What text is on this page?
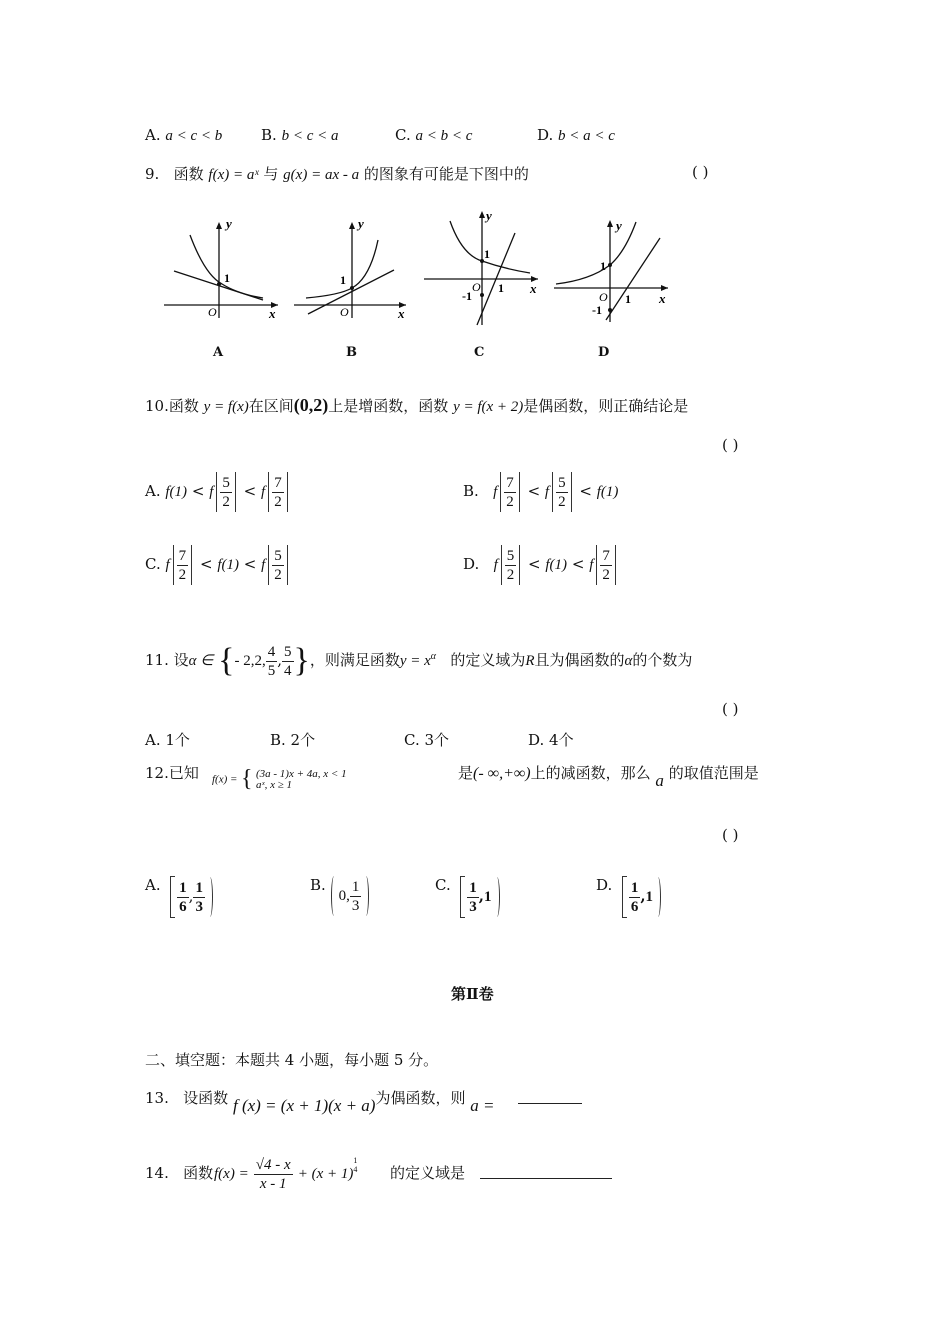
A. a < c < b	B. b < c < a	C. a < b < c	D. b < a < c
9. 函数 f(x) = aˣ 与 g(x) = ax - a 的图象有可能是下图中的	( )
y
x
O
1
y
x
O
1
y
x
O
1
1
-1
y
x
O
1
1
-1
A	B	C	D
10.函数 y = f(x)在区间(0,2)上是增函数，函数 y = f(x + 2)是偶函数，则正确结论是
( )
A. f(1) < f $\frac{5}{2} < f \frac{7}{2}$	B. f $\frac{7}{2} < f \frac{5}{2} < f(1)$
C. f $\frac{7}{2} < f(1) < f \frac{5}{2}$	D. f $\frac{5}{2} < f(1) < f \frac{7}{2}$
11. 设α ∈ {- 2,2, $\frac{4}{5}$ , $\frac{5}{4}$ }，则满足函数$y = x^\alpha$ 的定义域为R且为偶函数的α的个数为
( )
A. 1个	B. 2个	C. 3个	D. 4个
12.已知 f(x) = { (3a - 1)x + 4a, x < 1
aˣ, x ≥ 1
是(- ∞,+∞)上的减函数，那么 a 的取值范围是
( )
A. $\frac{1}{6}$ , $\frac{1}{3}$	B. 0, $\frac{1}{3}$	C. $\frac{1}{3} ,1$
D. $\frac{1}{6} ,1$
第Ⅱ卷
二、填空题：本题共 4 小题，每小题 5 分。
13. 设函数 f (x) = (x + 1)(x + a)为偶函数，则 a =
14. 函数 $f(x) = \frac{√4 - x}{x - 1} + (x + 1)$
1
4 的定义域是
